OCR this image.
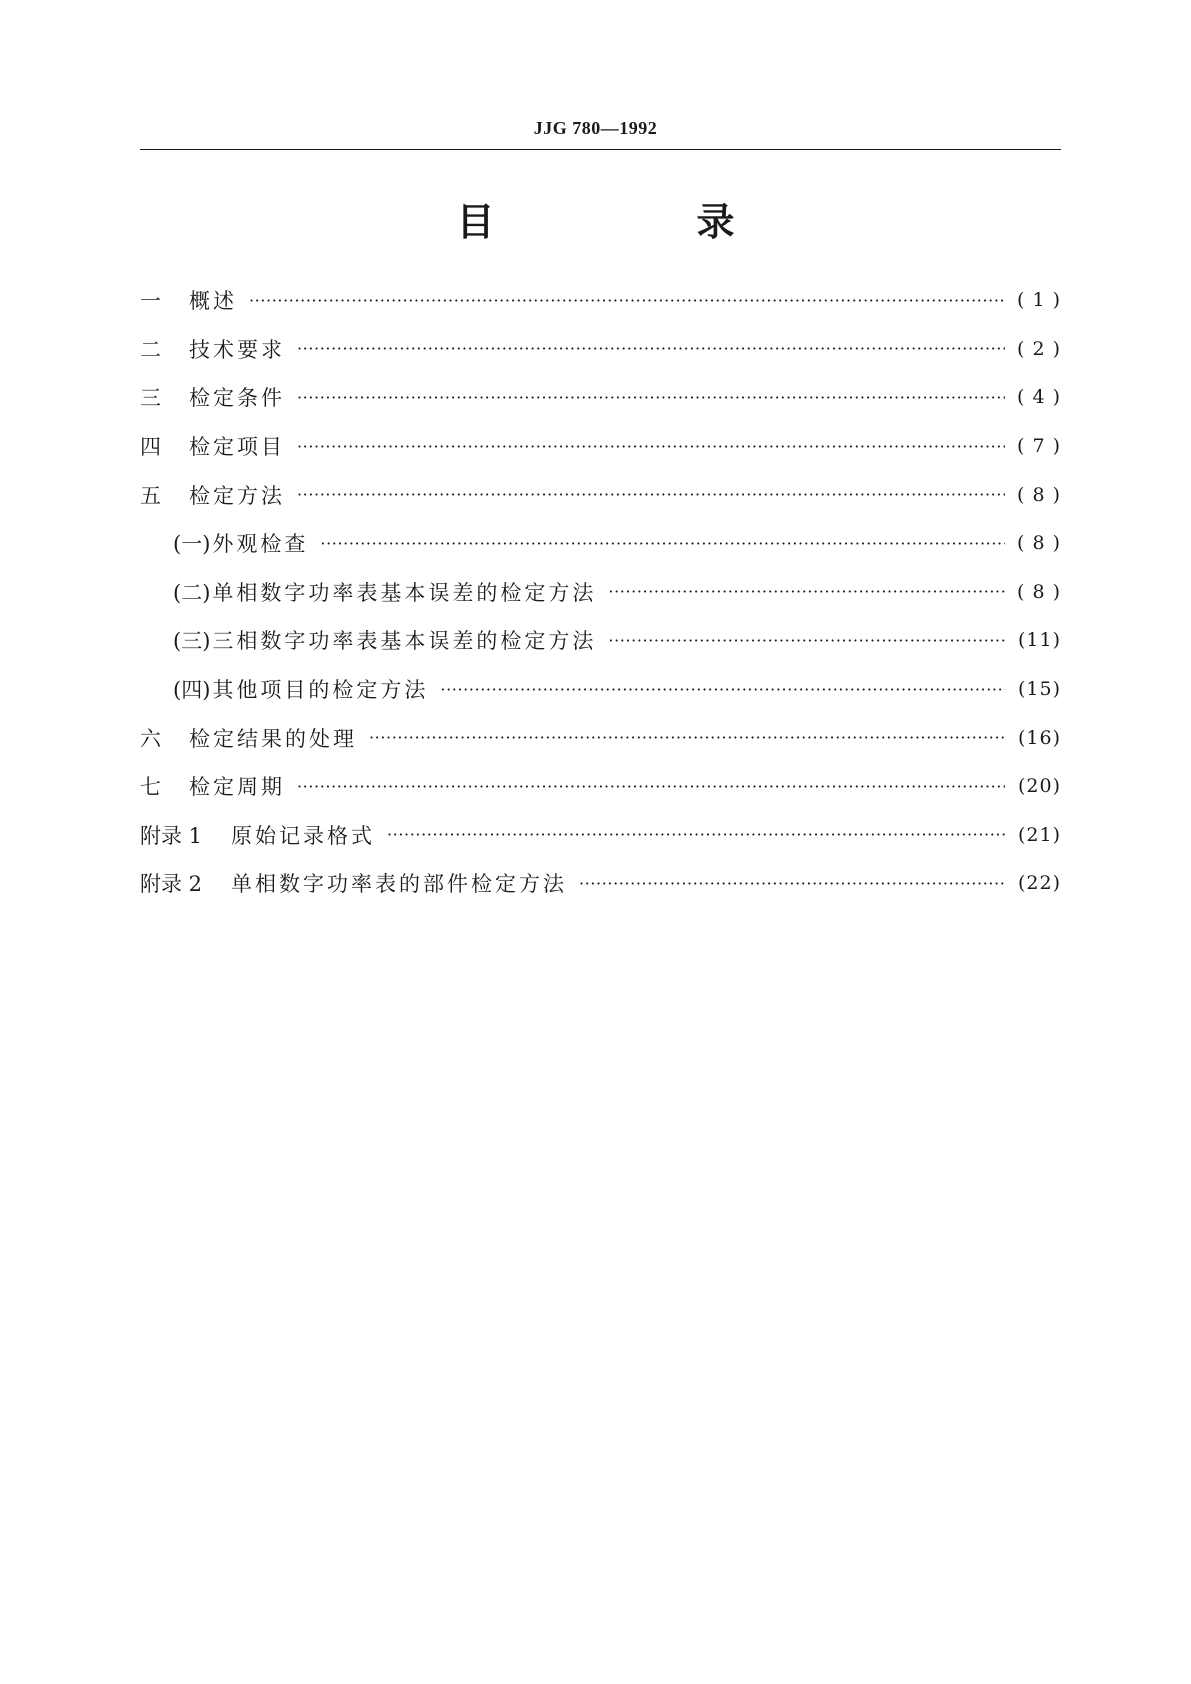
JJG 780—1992
目　录
一	概述 ·····	( 1 )
二	技术要求 ·····	( 2 )
三	检定条件 ·····	( 4 )
四	检定项目 ·····	( 7 )
五	检定方法 ·····	( 8 )
(一) 外观检查 ·····	( 8 )
(二) 单相数字功率表基本误差的检定方法 ·····	( 8 )
(三) 三相数字功率表基本误差的检定方法 ·····	(11)
(四) 其他项目的检定方法 ·····	(15)
六	检定结果的处理 ·····	(16)
七	检定周期 ·····	(20)
附录 1	原始记录格式 ·····	(21)
附录 2	单相数字功率表的部件检定方法 ·····	(22)
